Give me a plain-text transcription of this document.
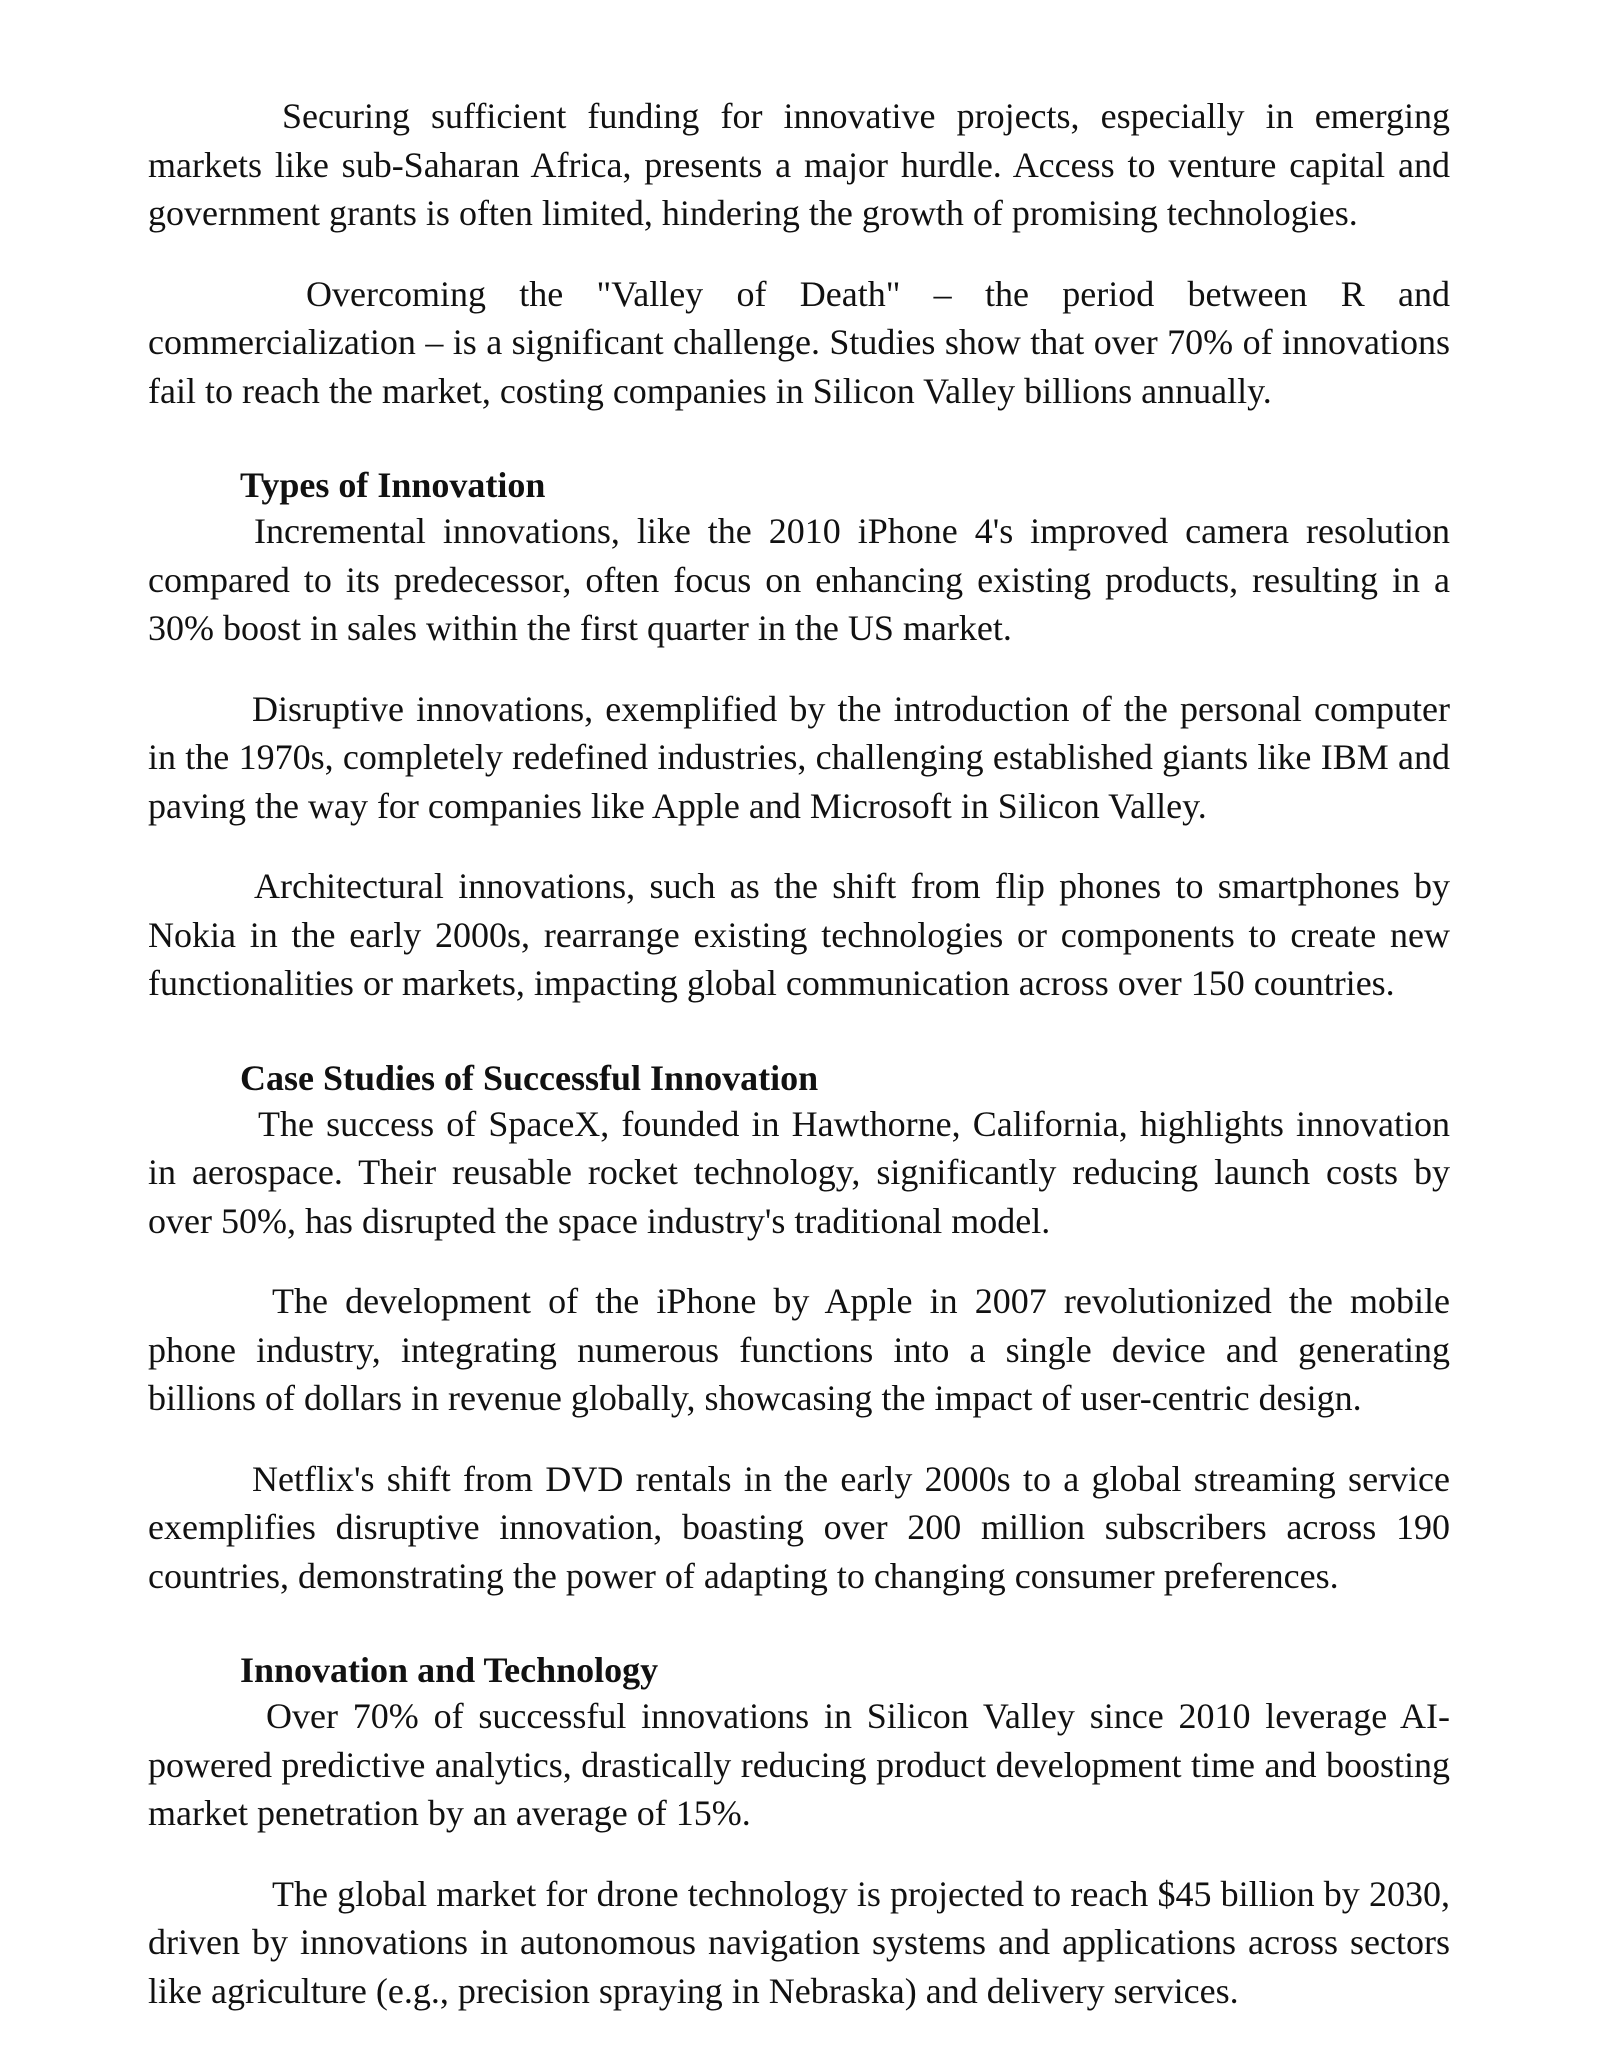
Securing sufficient funding for innovative projects, especially in emerging markets like sub-Saharan Africa, presents a major hurdle. Access to venture capital and government grants is often limited, hindering the growth of promising technologies.

Overcoming the "Valley of Death" – the period between R and commercialization – is a significant challenge. Studies show that over 70% of innovations fail to reach the market, costing companies in Silicon Valley billions annually.

Types of Innovation

Incremental innovations, like the 2010 iPhone 4's improved camera resolution compared to its predecessor, often focus on enhancing existing products, resulting in a 30% boost in sales within the first quarter in the US market.

Disruptive innovations, exemplified by the introduction of the personal computer in the 1970s, completely redefined industries, challenging established giants like IBM and paving the way for companies like Apple and Microsoft in Silicon Valley.

Architectural innovations, such as the shift from flip phones to smartphones by Nokia in the early 2000s, rearrange existing technologies or components to create new functionalities or markets, impacting global communication across over 150 countries.

Case Studies of Successful Innovation

The success of SpaceX, founded in Hawthorne, California, highlights innovation in aerospace. Their reusable rocket technology, significantly reducing launch costs by over 50%, has disrupted the space industry's traditional model.

The development of the iPhone by Apple in 2007 revolutionized the mobile phone industry, integrating numerous functions into a single device and generating billions of dollars in revenue globally, showcasing the impact of user-centric design.

Netflix's shift from DVD rentals in the early 2000s to a global streaming service exemplifies disruptive innovation, boasting over 200 million subscribers across 190 countries, demonstrating the power of adapting to changing consumer preferences.

Innovation and Technology

Over 70% of successful innovations in Silicon Valley since 2010 leverage AI-powered predictive analytics, drastically reducing product development time and boosting market penetration by an average of 15%.

The global market for drone technology is projected to reach $45 billion by 2030, driven by innovations in autonomous navigation systems and applications across sectors like agriculture (e.g., precision spraying in Nebraska) and delivery services.
